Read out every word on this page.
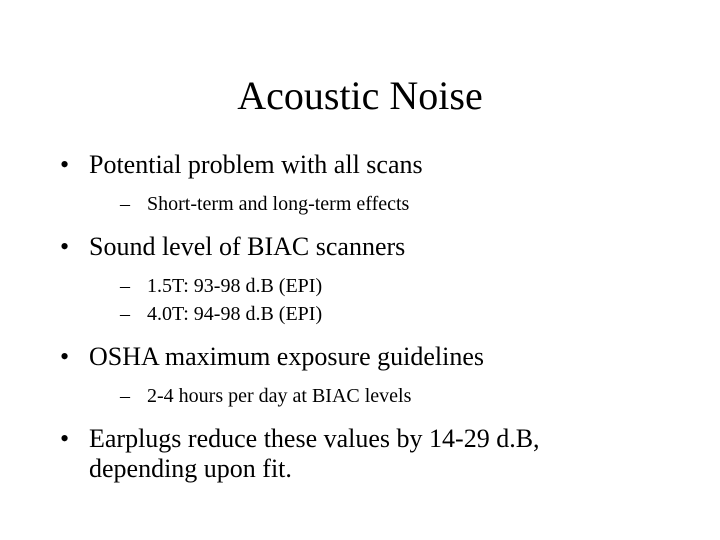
Acoustic Noise
• Potential problem with all scans
– Short-term and long-term effects
• Sound level of BIAC scanners
– 1.5T: 93-98 d.B (EPI)
– 4.0T: 94-98 d.B (EPI)
• OSHA maximum exposure guidelines
– 2-4 hours per day at BIAC levels
• Earplugs reduce these values by 14-29 d.B,
depending upon fit.
